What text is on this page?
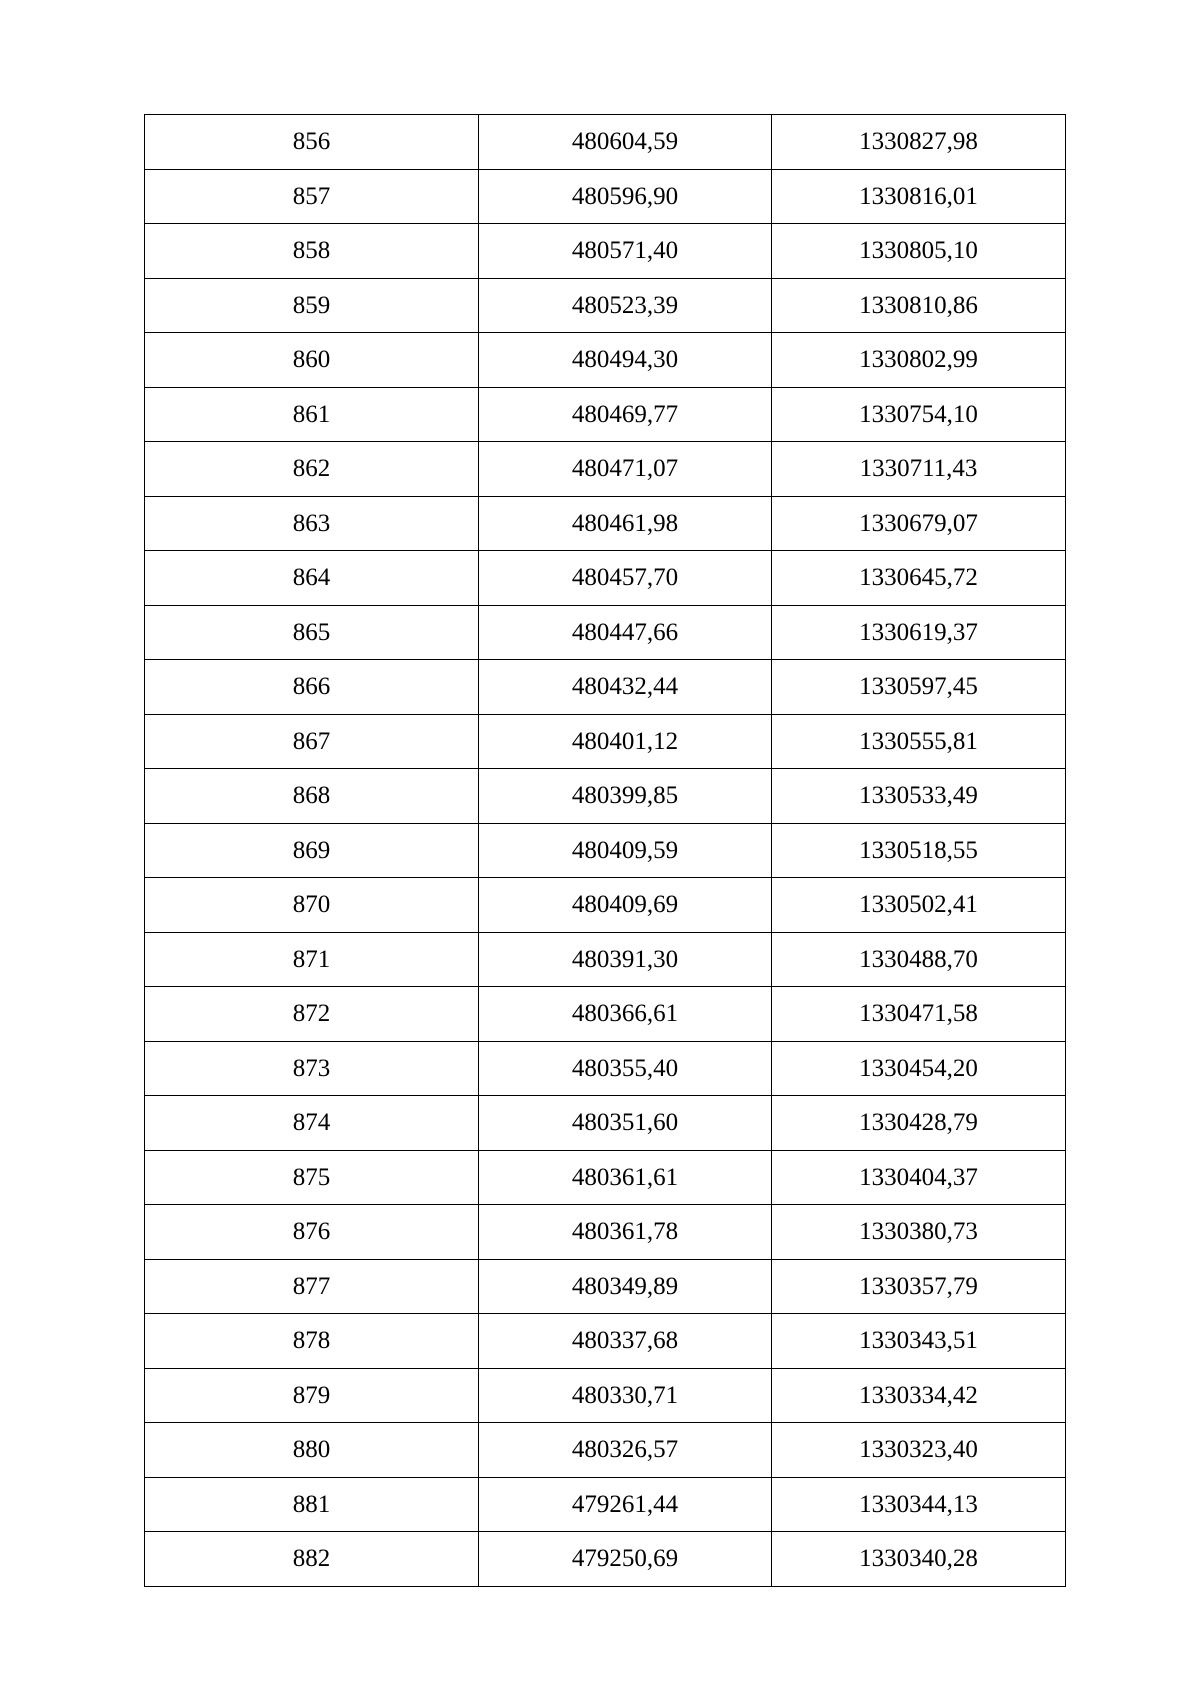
856	480604,59	1330827,98
857	480596,90	1330816,01
858	480571,40	1330805,10
859	480523,39	1330810,86
860	480494,30	1330802,99
861	480469,77	1330754,10
862	480471,07	1330711,43
863	480461,98	1330679,07
864	480457,70	1330645,72
865	480447,66	1330619,37
866	480432,44	1330597,45
867	480401,12	1330555,81
868	480399,85	1330533,49
869	480409,59	1330518,55
870	480409,69	1330502,41
871	480391,30	1330488,70
872	480366,61	1330471,58
873	480355,40	1330454,20
874	480351,60	1330428,79
875	480361,61	1330404,37
876	480361,78	1330380,73
877	480349,89	1330357,79
878	480337,68	1330343,51
879	480330,71	1330334,42
880	480326,57	1330323,40
881	479261,44	1330344,13
882	479250,69	1330340,28
